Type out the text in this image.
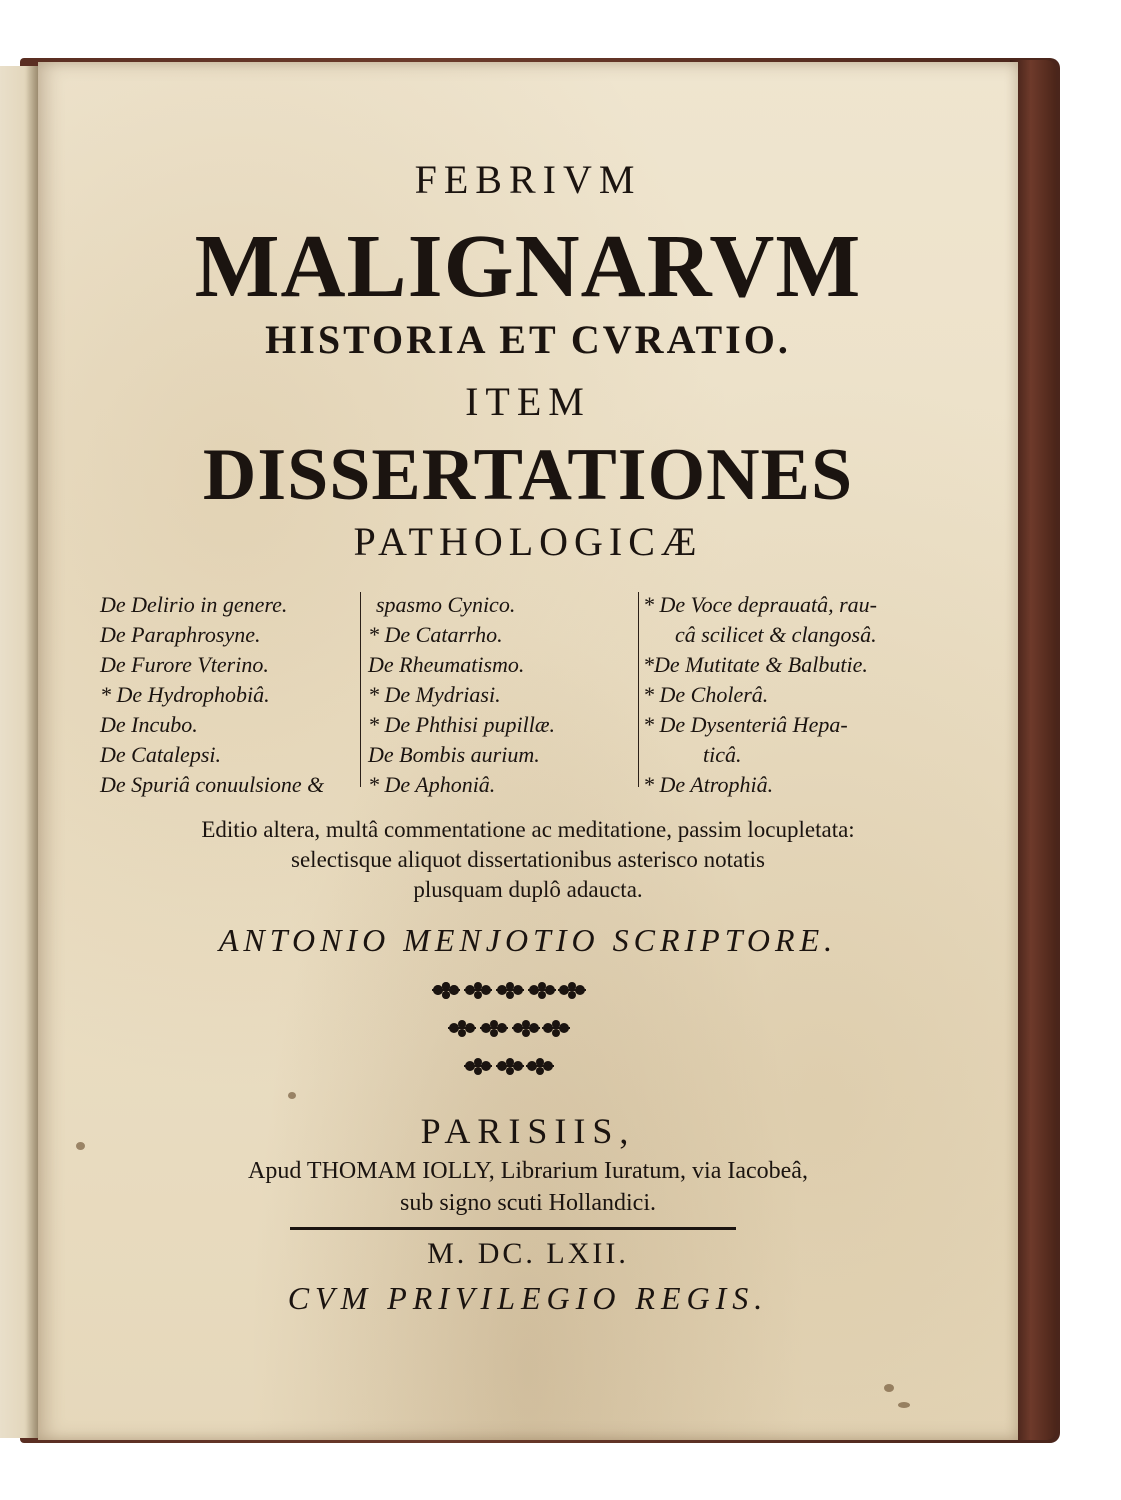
FEBRIVM
MALIGNARVM
HISTORIA ET CVRATIO.
ITEM
DISSERTATIONES
PATHOLOGICÆ
De Delirio in genere.
De Paraphrosyne.
De Furore Vterino.
* De Hydrophobiâ.
De Incubo.
De Catalepsi.
De Spuriâ conuulsione &
spasmo Cynico.
* De Catarrho.
De Rheumatismo.
* De Mydriasi.
* De Phthisi pupillæ.
De Bombis aurium.
* De Aphoniâ.
* De Voce deprauatâ, rau-
câ scilicet & clangosâ.
*De Mutitate & Balbutie.
* De Cholerâ.
* De Dysenteriâ Hepa-
ticâ.
* De Atrophiâ.
Editio altera, multâ commentatione ac meditatione, passim locupletata:
selectisque aliquot dissertationibus asterisco notatis
plusquam duplô adaucta.
ANTONIO MENJOTIO SCRIPTORE.
PARISIIS,
Apud THOMAM IOLLY, Librarium Iuratum, via Iacobeâ,
sub signo scuti Hollandici.
M. DC. LXII.
CVM PRIVILEGIO REGIS.
